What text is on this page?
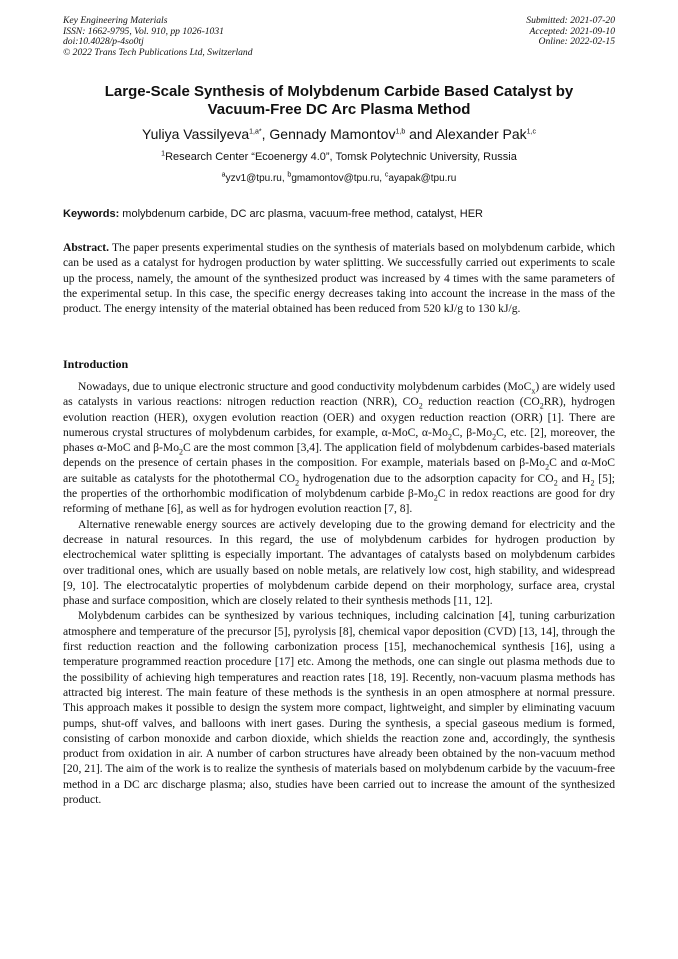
Key Engineering Materials
ISSN: 1662-9795, Vol. 910, pp 1026-1031
doi:10.4028/p-4so0tj
© 2022 Trans Tech Publications Ltd, Switzerland
Submitted: 2021-07-20
Accepted: 2021-09-10
Online: 2022-02-15
Large-Scale Synthesis of Molybdenum Carbide Based Catalyst by
Vacuum-Free DC Arc Plasma Method
Yuliya Vassilyeva$^{1,a*}$, Gennady Mamontov$^{1,b}$ and Alexander Pak$^{1,c}$
$^1$Research Center “Ecoenergy 4.0”, Tomsk Polytechnic University, Russia
$^a$yzv1@tpu.ru, $^b$gmamontov@tpu.ru, $^c$ayapak@tpu.ru
Keywords: molybdenum carbide, DC arc plasma, vacuum-free method, catalyst, HER
Abstract. The paper presents experimental studies on the synthesis of materials based on molybdenum carbide, which can be used as a catalyst for hydrogen production by water splitting. We successfully carried out experiments to scale up the process, namely, the amount of the synthesized product was increased by 4 times with the same parameters of the experimental setup. In this case, the specific energy decreases taking into account the increase in the mass of the product. The energy intensity of the material obtained has been reduced from 520 kJ/g to 130 kJ/g.
Introduction

Nowadays, due to unique electronic structure and good conductivity molybdenum carbides (MoC$_x$) are widely used as catalysts in various reactions: nitrogen reduction reaction (NRR), $CO_2$ reduction reaction $(CO_2RR)$, hydrogen evolution reaction (HER), oxygen evolution reaction (OER) and oxygen reduction reaction (ORR) [1]. There are numerous crystal structures of molybdenum carbides, for example, α-MoC, $\alpha-Mo_2C$, $\beta-Mo_2C$, etc. [2], moreover, the phases α-MoC and $\beta-Mo_2C$ are the most common [3,4]. The application field of molybdenum carbides-based materials depends on the presence of certain phases in the composition. For example, materials based on $\beta-Mo_2C$ and α-MoC are suitable as catalysts for the photothermal $CO_2$ hydrogenation due to the adsorption capacity for $CO_2$ and $H_2$ [5]; the properties of the orthorhombic modification of molybdenum carbide $\beta-Mo_2C$ in redox reactions are good for dry reforming of methane [6], as well as for hydrogen evolution reaction [7, 8].

Alternative renewable energy sources are actively developing due to the growing demand for electricity and the decrease in natural resources. In this regard, the use of molybdenum carbides for hydrogen production by electrochemical water splitting is especially important. The advantages of catalysts based on molybdenum carbides over traditional ones, which are usually based on noble metals, are relatively low cost, high stability, and widespread [9, 10]. The electrocatalytic properties of molybdenum carbide depend on their morphology, surface area, crystal phase and surface composition, which are closely related to their synthesis methods [11, 12].

Molybdenum carbides can be synthesized by various techniques, including calcination [4], tuning carburization atmosphere and temperature of the precursor [5], pyrolysis [8], chemical vapor deposition (CVD) [13, 14], through the first reduction reaction and the following carbonization process [15], mechanochemical synthesis [16], using a temperature programmed reaction procedure [17] etc. Among the methods, one can single out plasma methods due to the possibility of achieving high temperatures and reaction rates [18, 19]. Recently, non-vacuum plasma methods has attracted big interest. The main feature of these methods is the synthesis in an open atmosphere at normal pressure. This approach makes it possible to design the system more compact, lightweight, and simpler by eliminating vacuum pumps, shut-off valves, and balloons with inert gases. During the synthesis, a special gaseous medium is formed, consisting of carbon monoxide and carbon dioxide, which shields the reaction zone and, accordingly, the synthesis product from oxidation in air. A number of carbon structures have already been obtained by the non-vacuum method [20, 21]. The aim of the work is to realize the synthesis of materials based on molybdenum carbide by the vacuum-free method in a DC arc discharge plasma; also, studies have been carried out to increase the amount of the synthesized product.
